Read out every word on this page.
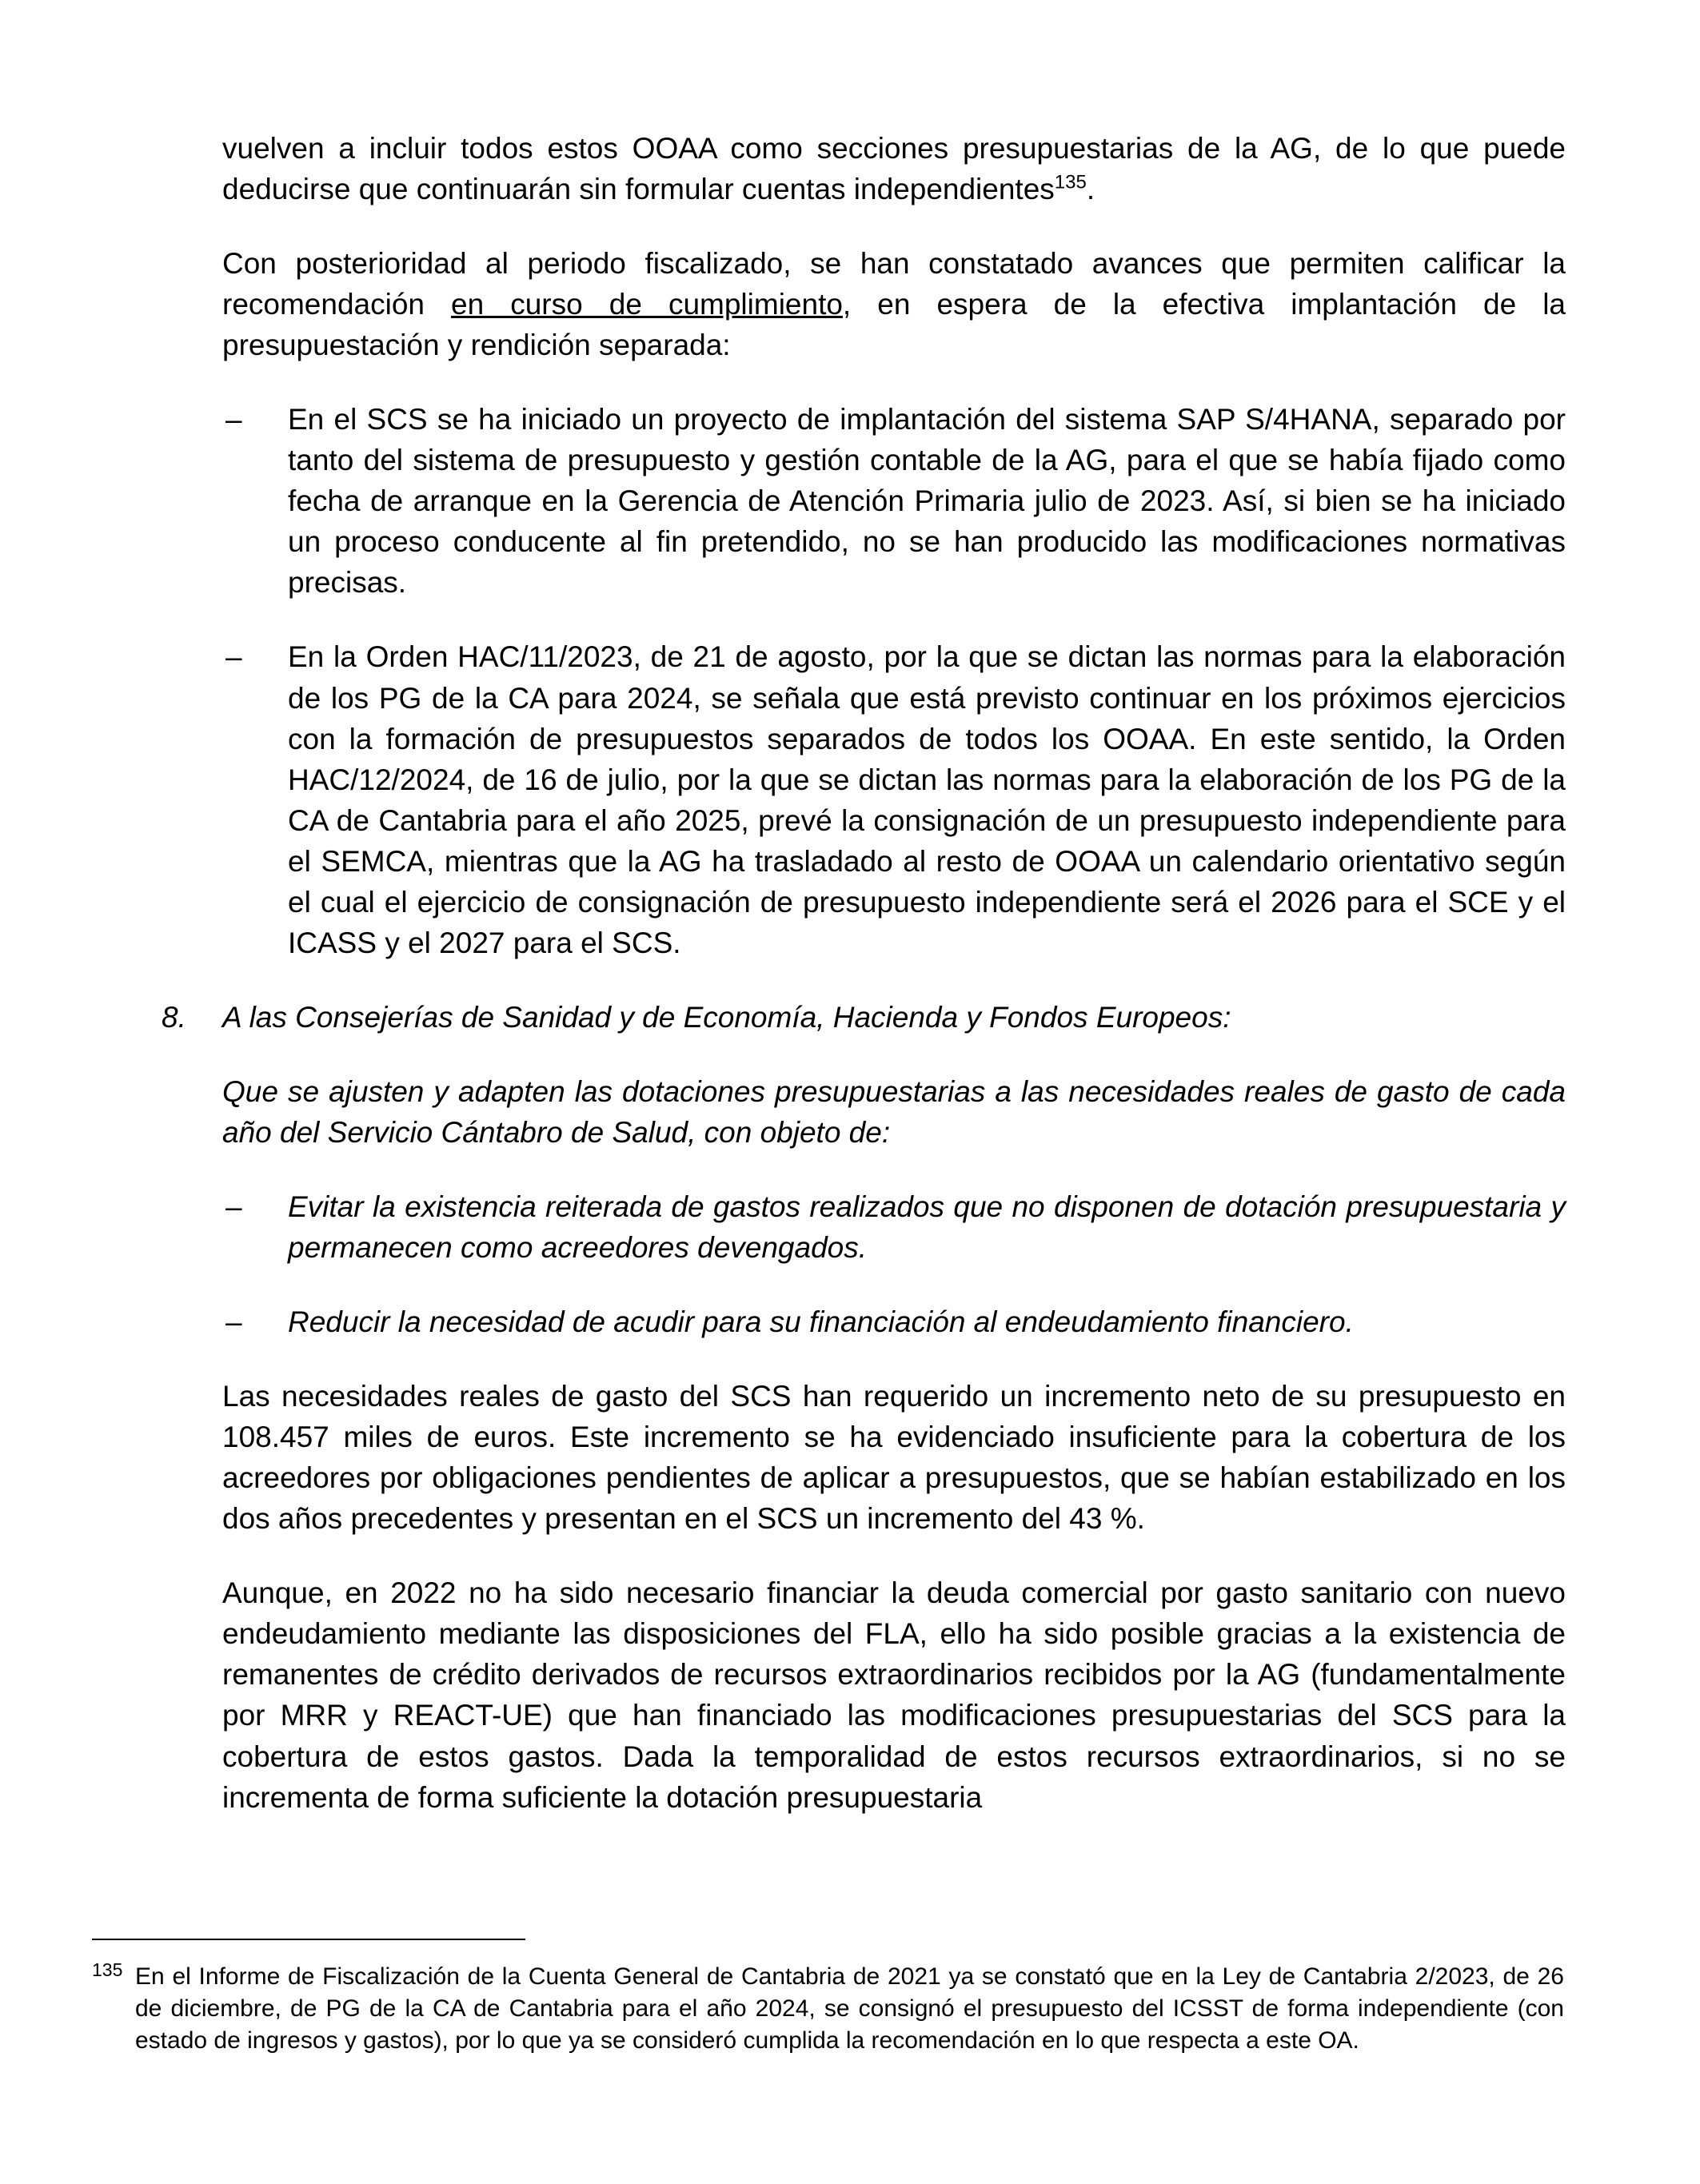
vuelven a incluir todos estos OOAA como secciones presupuestarias de la AG, de lo que puede deducirse que continuarán sin formular cuentas independientes$^{135}$.

Con posterioridad al periodo fiscalizado, se han constatado avances que permiten calificar la recomendación en curso de cumplimiento, en espera de la efectiva implantación de la presupuestación y rendición separada:

– En el SCS se ha iniciado un proyecto de implantación del sistema SAP S/4HANA, separado por tanto del sistema de presupuesto y gestión contable de la AG, para el que se había fijado como fecha de arranque en la Gerencia de Atención Primaria julio de 2023. Así, si bien se ha iniciado un proceso conducente al fin pretendido, no se han producido las modificaciones normativas precisas.
– En la Orden HAC/11/2023, de 21 de agosto, por la que se dictan las normas para la elaboración de los PG de la CA para 2024, se señala que está previsto continuar en los próximos ejercicios con la formación de presupuestos separados de todos los OOAA. En este sentido, la Orden HAC/12/2024, de 16 de julio, por la que se dictan las normas para la elaboración de los PG de la CA de Cantabria para el año 2025, prevé la consignación de un presupuesto independiente para el SEMCA, mientras que la AG ha trasladado al resto de OOAA un calendario orientativo según el cual el ejercicio de consignación de presupuesto independiente será el 2026 para el SCE y el ICASS y el 2027 para el SCS.
8. A las Consejerías de Sanidad y de Economía, Hacienda y Fondos Europeos:

Que se ajusten y adapten las dotaciones presupuestarias a las necesidades reales de gasto de cada año del Servicio Cántabro de Salud, con objeto de:

– Evitar la existencia reiterada de gastos realizados que no disponen de dotación presupuestaria y permanecen como acreedores devengados.
– Reducir la necesidad de acudir para su financiación al endeudamiento financiero.

Las necesidades reales de gasto del SCS han requerido un incremento neto de su presupuesto en 108.457 miles de euros. Este incremento se ha evidenciado insuficiente para la cobertura de los acreedores por obligaciones pendientes de aplicar a presupuestos, que se habían estabilizado en los dos años precedentes y presentan en el SCS un incremento del 43 %.

Aunque, en 2022 no ha sido necesario financiar la deuda comercial por gasto sanitario con nuevo endeudamiento mediante las disposiciones del FLA, ello ha sido posible gracias a la existencia de remanentes de crédito derivados de recursos extraordinarios recibidos por la AG (fundamentalmente por MRR y REACT-UE) que han financiado las modificaciones presupuestarias del SCS para la cobertura de estos gastos. Dada la temporalidad de estos recursos extraordinarios, si no se incrementa de forma suficiente la dotación presupuestaria

135 En el Informe de Fiscalización de la Cuenta General de Cantabria de 2021 ya se constató que en la Ley de Cantabria 2/2023, de 26 de diciembre, de PG de la CA de Cantabria para el año 2024, se consignó el presupuesto del ICSST de forma independiente (con estado de ingresos y gastos), por lo que ya se consideró cumplida la recomendación en lo que respecta a este OA.
